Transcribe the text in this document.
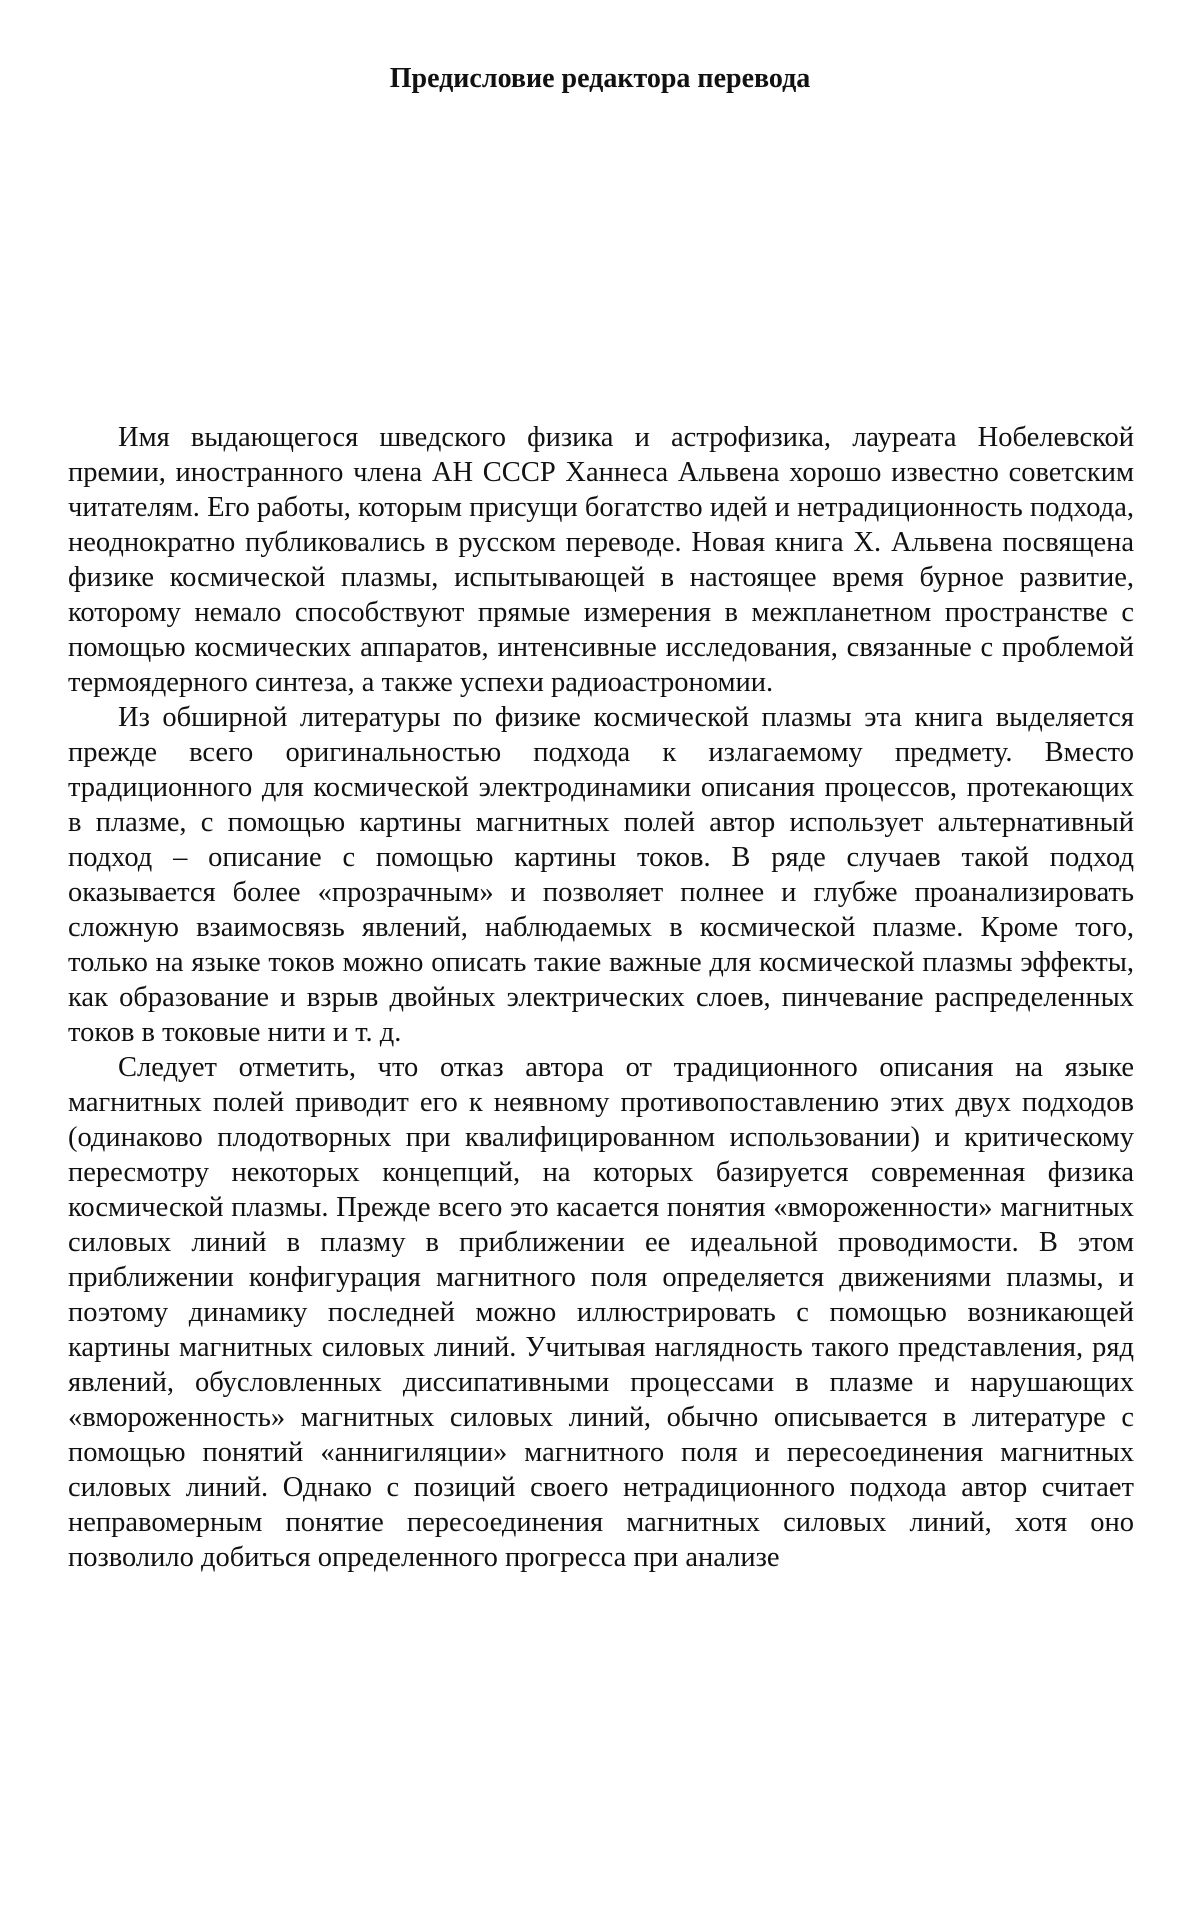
Предисловие редактора перевода

Имя выдающегося шведского физика и астрофизика, лауреата Нобелевской премии, иностранного члена АН СССР Ханнеса Альвена хорошо известно советским читателям. Его работы, которым присущи богатство идей и нетрадиционность подхода, неоднократно публиковались в русском переводе. Новая книга Х. Альвена посвящена физике космической плазмы, испытывающей в настоящее время бурное развитие, которому немало способствуют прямые измерения в межпланетном пространстве с помощью космических аппаратов, интенсивные исследования, связанные с проблемой термоядерного синтеза, а также успехи радиоастрономии.

Из обширной литературы по физике космической плазмы эта книга выделяется прежде всего оригинальностью подхода к излагаемому предмету. Вместо традиционного для космической электродинамики описания процессов, протекающих в плазме, с помощью картины магнитных полей автор использует альтернативный подход – описание с помощью картины токов. В ряде случаев такой подход оказывается более «прозрачным» и позволяет полнее и глубже проанализировать сложную взаимосвязь явлений, наблюдаемых в космической плазме. Кроме того, только на языке токов можно описать такие важные для космической плазмы эффекты, как образование и взрыв двойных электрических слоев, пинчевание распределенных токов в токовые нити и т. д.

Следует отметить, что отказ автора от традиционного описания на языке магнитных полей приводит его к неявному противопоставлению этих двух подходов (одинаково плодотворных при квалифицированном использовании) и критическому пересмотру некоторых концепций, на которых базируется современная физика космической плазмы. Прежде всего это касается понятия «вмороженности» магнитных силовых линий в плазму в приближении ее идеальной проводимости. В этом приближении конфигурация магнитного поля определяется движениями плазмы, и поэтому динамику последней можно иллюстрировать с помощью возникающей картины магнитных силовых линий. Учитывая наглядность такого представления, ряд явлений, обусловленных диссипативными процессами в плазме и нарушающих «вмороженность» магнитных силовых линий, обычно описывается в литературе с помощью понятий «аннигиляции» магнитного поля и пересоединения магнитных силовых линий. Однако с позиций своего нетрадиционного подхода автор считает неправомерным понятие пересоединения магнитных силовых линий, хотя оно позволило добиться определенного прогресса при анализе
